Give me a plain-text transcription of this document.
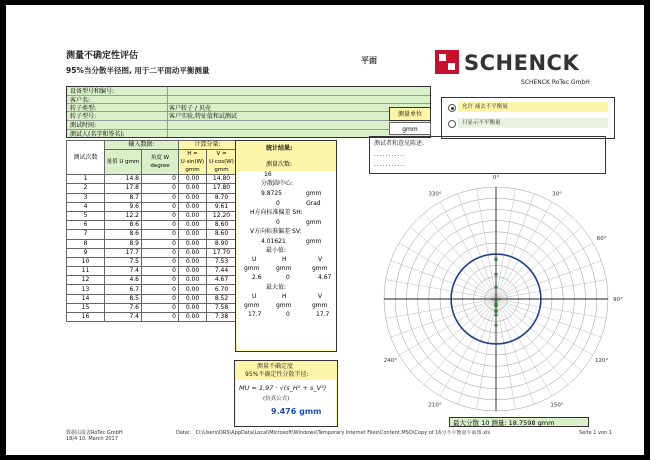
测量不确定性评估
95%当分散半径图, 用于二平面动平衡测量
平面	SCHENCK
SCHENCK RoTec GmbH
设备型号和编号:
客户名:
转子类型:	客户转子 / 贝壳
转子型号:	客户实验,特征值和试测试
测试时间:
测试人(名字和签名):
测量单位
gmm
允许 减去不平衡量
只显示不平衡量
测试次数	输入数据:		计算分量:	
	量值 U gmm	角度 W degree	H = U·sin(W) gmm	V = U·cos(W) gmm
1	14.8	0	0.00	14.80
2	17.8	0	0.00	17.80
3	8.7	0	0.00	8.70
4	9.6	0	0.00	9.61
5	12.2	0	0.00	12.20
6	8.6	0	0.00	8.60
7	8.6	0	0.00	8.60
8	8.9	0	0.00	8.90
9	17.7	0	0.00	17.70
10	7.5	0	0.00	7.53
11	7.4	0	0.00	7.44
12	4.6	0	0.00	4.67
13	6.7	0	0.00	6.70
14	8.5	0	0.00	8.52
15	7.6	0	0.00	7.58
16	7.4	0	0.00	7.38
统计结果:
测量次数:
16
分散圆中心:
9.8725	gmm
0	Grad
H方向标准偏差 SH:
0	gmm
V方向标准偏差 SV:
4.01621	gmm
最小值:
U	H	V
gmm	gmm	gmm
2.6	0	4.67
最大值:
U	H	V
gmm	gmm	gmm
17.7	0	17.7
测试者和意见陈述:
...........
...........
0°
30°
60°
90°
120°
150°
210°
240°
330°
测量不确定度
95%不确定性分散半径:
MU = 1,97 · √(s_H² + s_V²)
(仿真公式)
9.476 gmm
最大分散 10 测量: 18.7598 gmm
数据由报表RoTec GmbH
18/4 10. March 2017
Datei: D:\Users\ORS\AppData\Local\Microsoft\Windows\Temporary Internet Files\Content.MSO\Copy of 16分不平衡量平面图.xls	Seite 1 von 1
